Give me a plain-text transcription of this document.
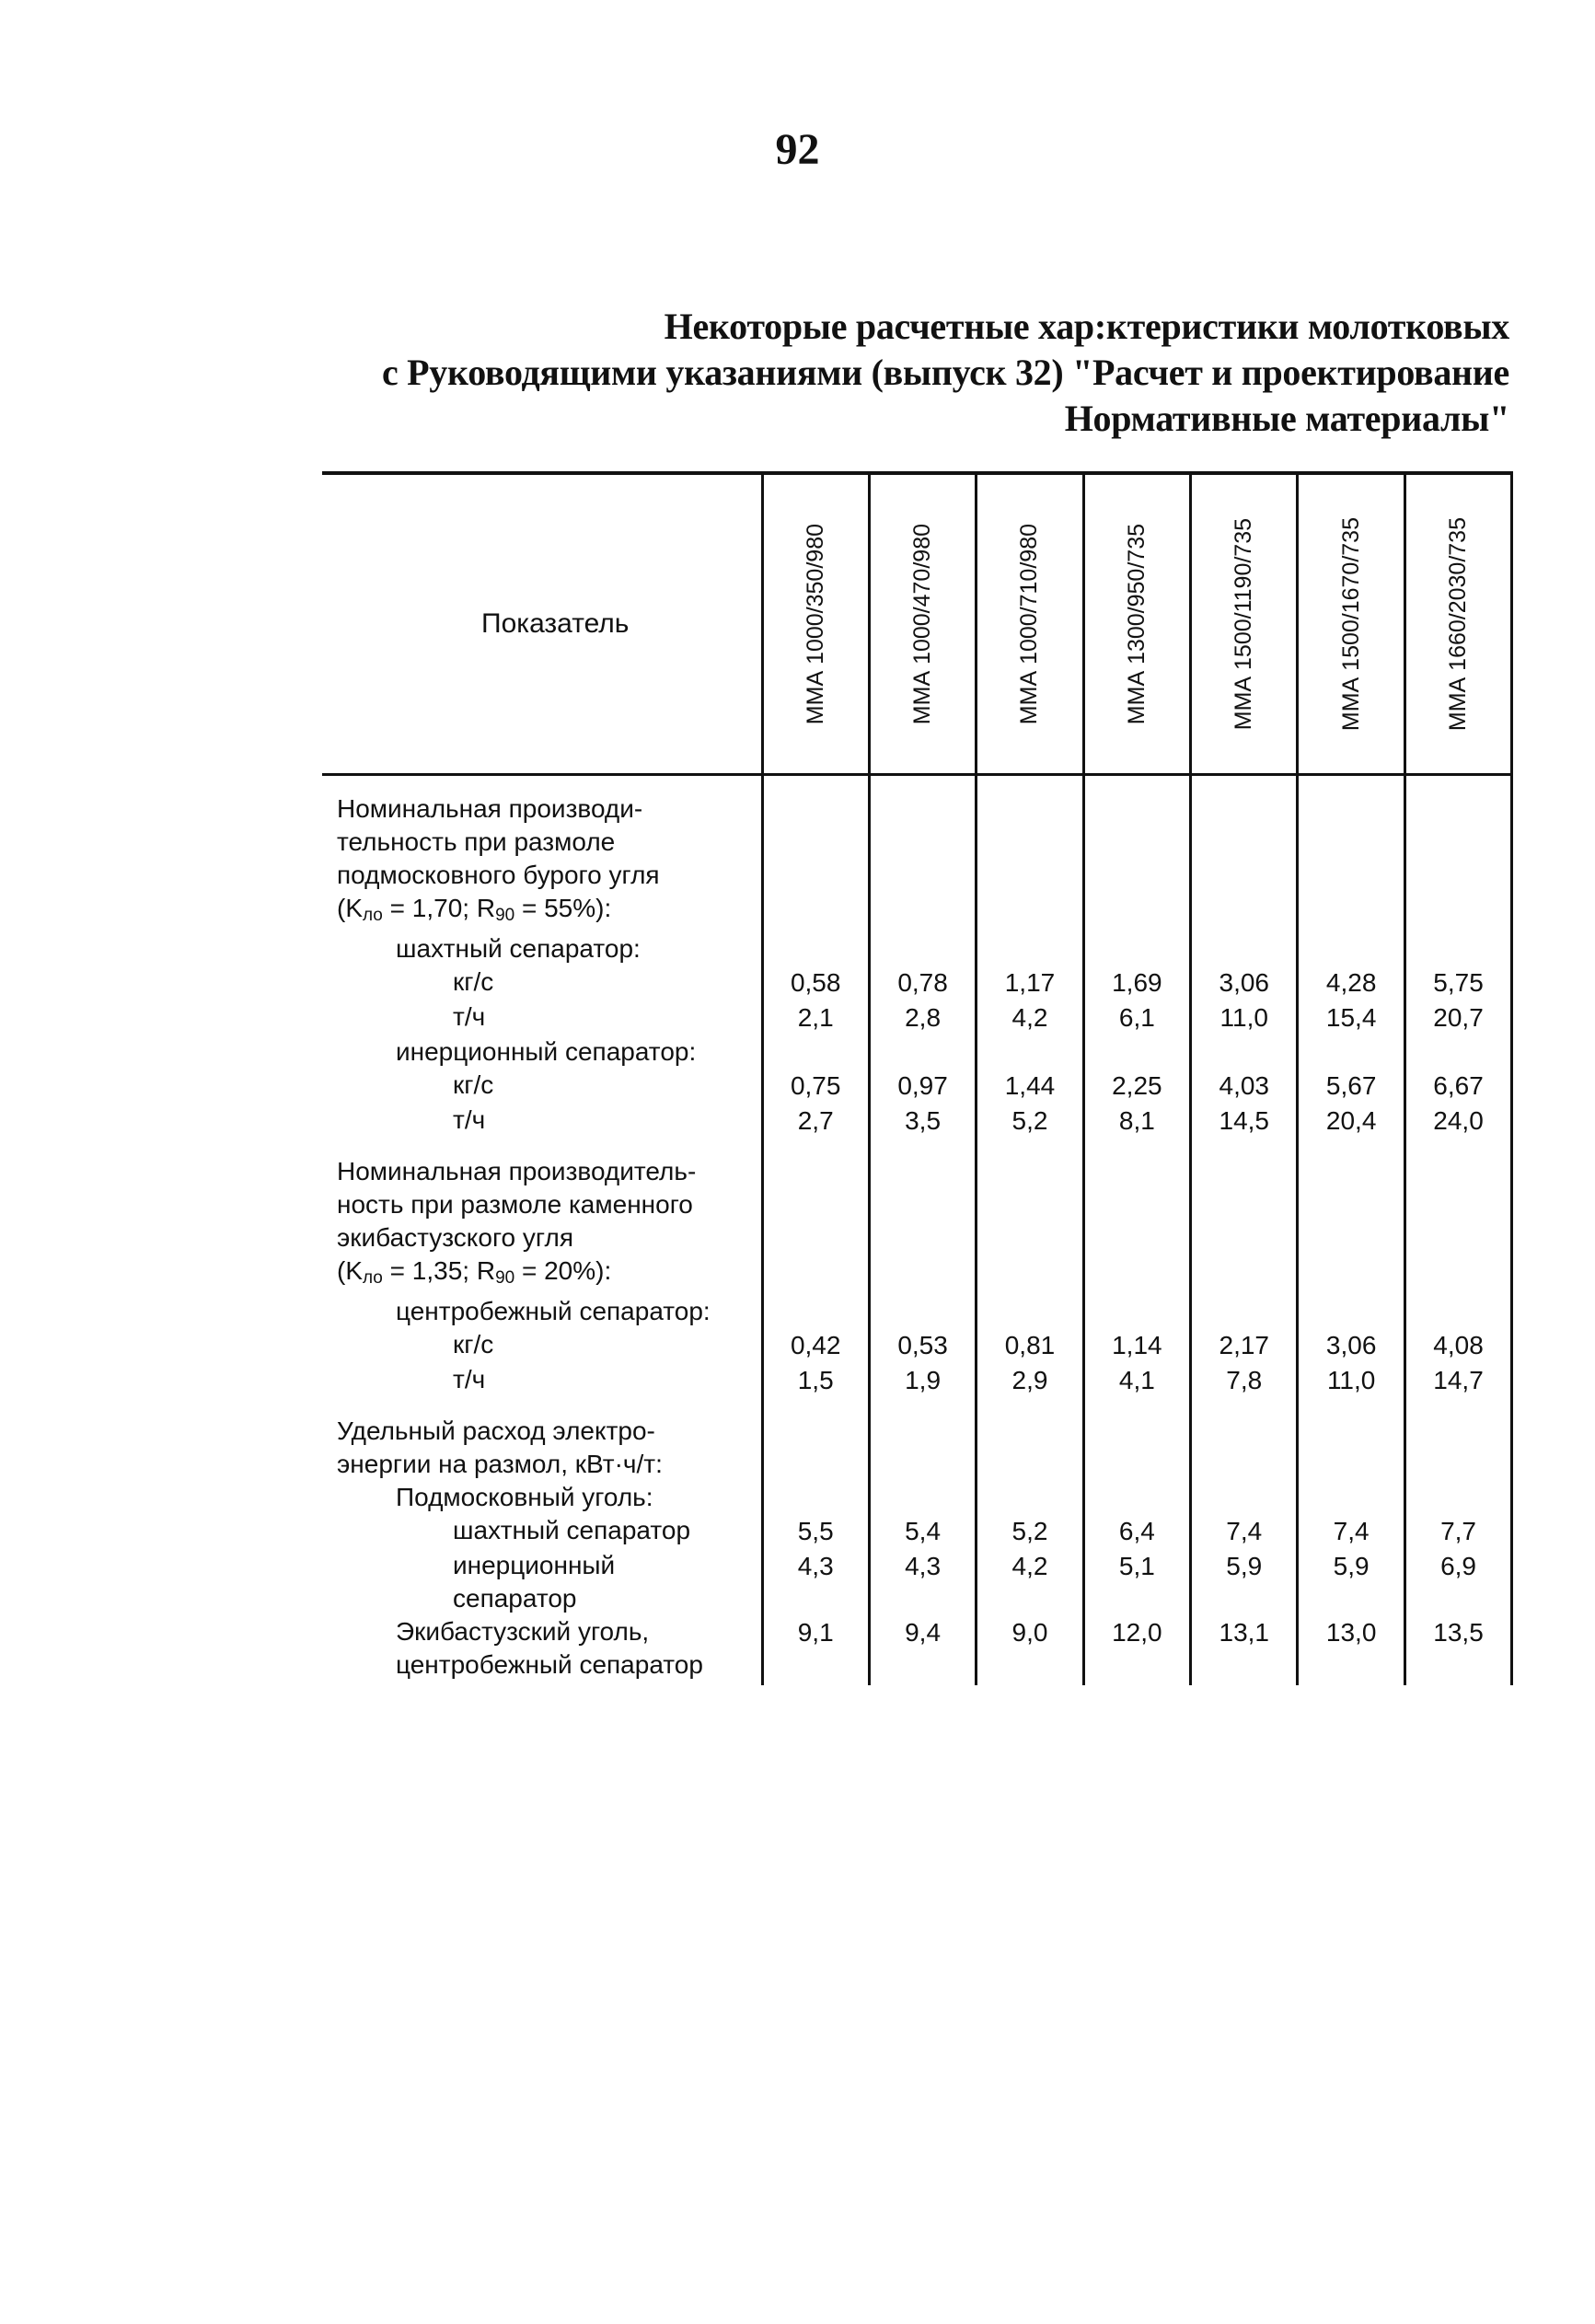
92
Некоторые расчетные хар:ктеристики молотковых
с Руководящими указаниями (выпуск 32) "Расчет и проектирование
Нормативные материалы"
Показатель	ММА 1000/350/980	ММА 1000/470/980	ММА 1000/710/980	ММА 1300/950/735	ММА 1500/1190/735	ММА 1500/1670/735	ММА 1660/2030/735

Номинальная производи-
тельность при размоле
подмосковного бурого угля
($K_{ло} = 1,70$; $R_{90} = 55\%$):							
шахтный сепаратор:							
кг/с	0,58	0,78	1,17	1,69	3,06	4,28	5,75
т/ч	2,1	2,8	4,2	6,1	11,0	15,4	20,7
инерционный сепаратор:							
кг/с	0,75	0,97	1,44	2,25	4,03	5,67	6,67
т/ч	2,7	3,5	5,2	8,1	14,5	20,4	24,0
Номинальная производитель-
ность при размоле каменного
экибастузского угля
($K_{ло} = 1,35$; $R_{90} = 20\%$):							
центробежный сепаратор:							
кг/с	0,42	0,53	0,81	1,14	2,17	3,06	4,08
т/ч	1,5	1,9	2,9	4,1	7,8	11,0	14,7
Удельный расход электро-
энергии на размол, кВт·ч/т:							
Подмосковный уголь:							
шахтный сепаратор	5,5	5,4	5,2	6,4	7,4	7,4	7,7
инерционный
сепаратор	4,3	4,3	4,2	5,1	5,9	5,9	6,9
Экибастузский уголь,
центробежный сепаратор	9,1	9,4	9,0	12,0	13,1	13,0	13,5
